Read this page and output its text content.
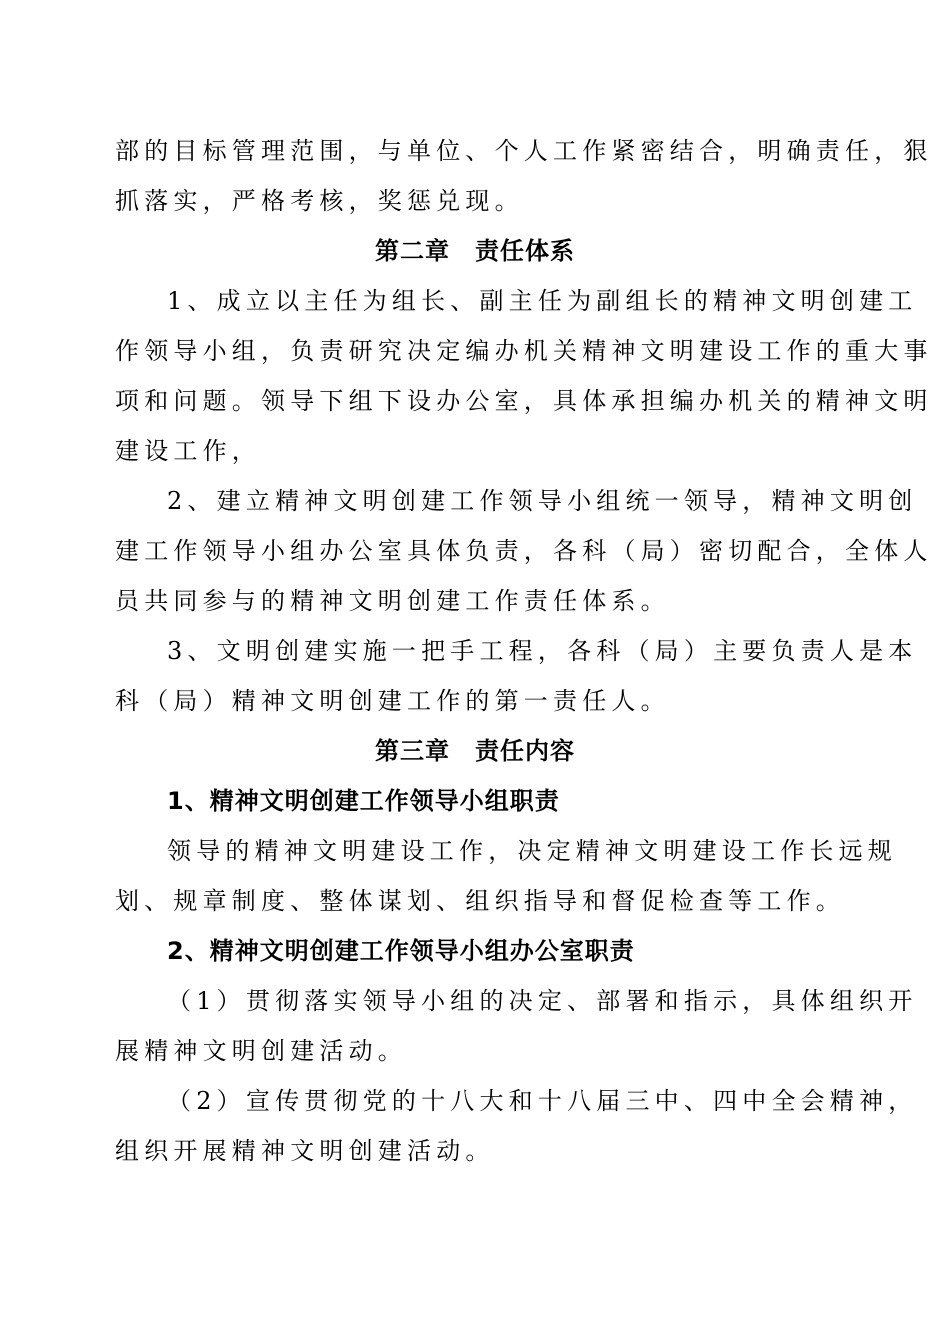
部的目标管理范围，与单位、个人工作紧密结合，明确责任，狠
抓落实，严格考核，奖惩兑现。
第二章　责任体系
1、成立以主任为组长、副主任为副组长的精神文明创建工
作领导小组，负责研究决定编办机关精神文明建设工作的重大事
项和问题。领导下组下设办公室，具体承担编办机关的精神文明
建设工作，
2、建立精神文明创建工作领导小组统一领导，精神文明创
建工作领导小组办公室具体负责，各科（局）密切配合，全体人
员共同参与的精神文明创建工作责任体系。
3、文明创建实施一把手工程，各科（局）主要负责人是本
科（局）精神文明创建工作的第一责任人。
第三章　责任内容
1、精神文明创建工作领导小组职责
领导的精神文明建设工作，决定精神文明建设工作长远规
划、规章制度、整体谋划、组织指导和督促检查等工作。
2、精神文明创建工作领导小组办公室职责
（1）贯彻落实领导小组的决定、部署和指示，具体组织开
展精神文明创建活动。
（2）宣传贯彻党的十八大和十八届三中、四中全会精神，
组织开展精神文明创建活动。
